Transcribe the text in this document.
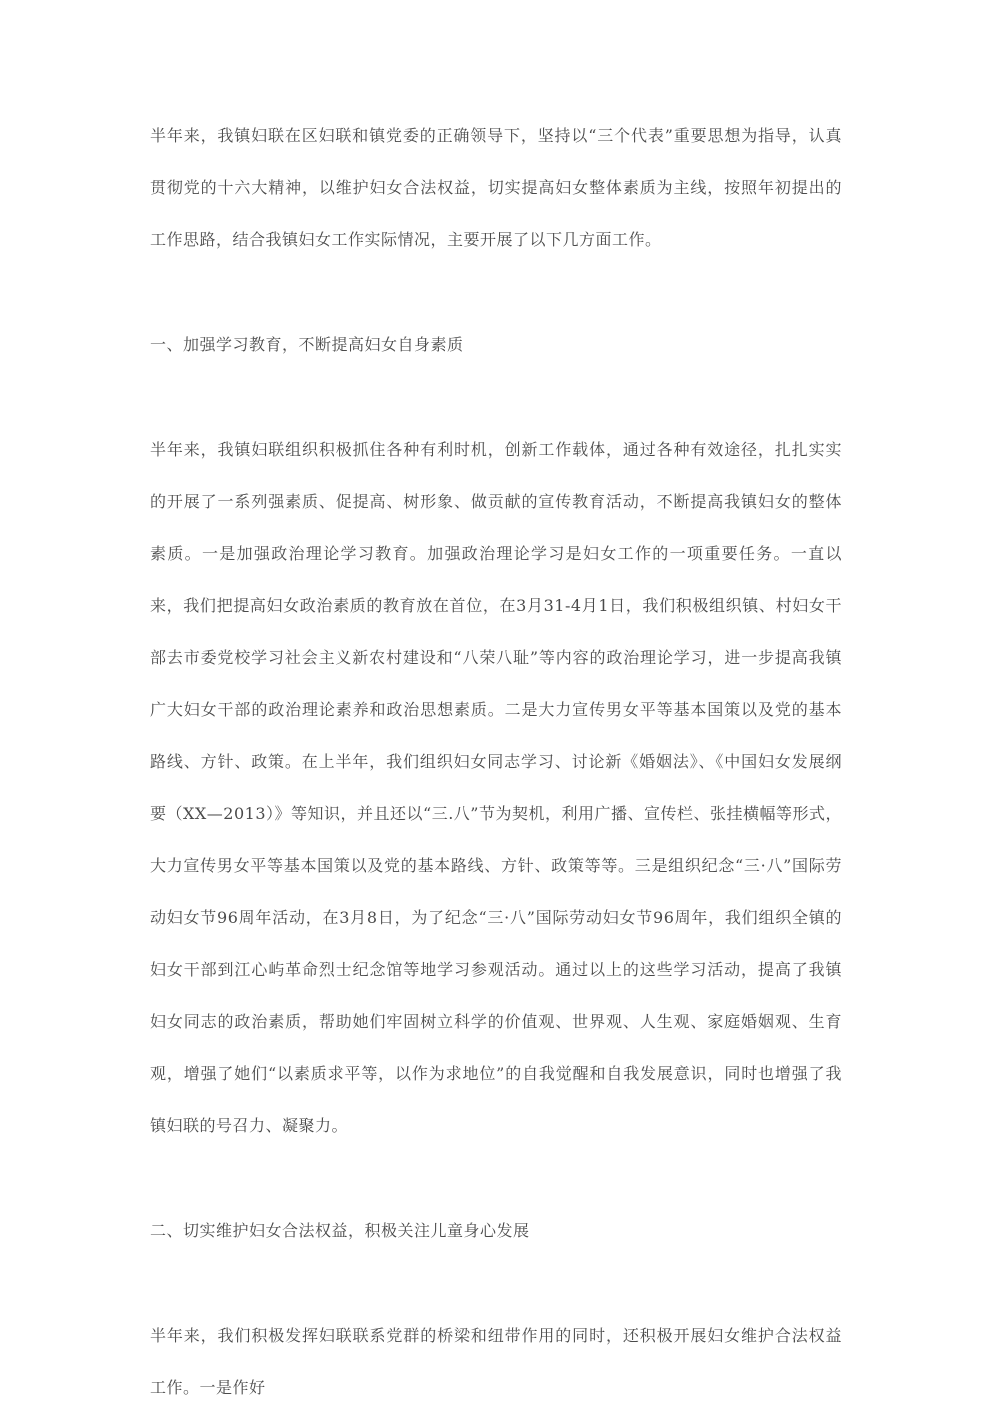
半年来，我镇妇联在区妇联和镇党委的正确领导下，坚持以“三个代表”重要思想为指导，认真贯彻党的十六大精神，以维护妇女合法权益，切实提高妇女整体素质为主线，按照年初提出的工作思路，结合我镇妇女工作实际情况，主要开展了以下几方面工作。

一、加强学习教育，不断提高妇女自身素质

半年来，我镇妇联组织积极抓住各种有利时机，创新工作载体，通过各种有效途径，扎扎实实的开展了一系列强素质、促提高、树形象、做贡献的宣传教育活动，不断提高我镇妇女的整体素质。一是加强政治理论学习教育。加强政治理论学习是妇女工作的一项重要任务。一直以来，我们把提高妇女政治素质的教育放在首位，在3月31-4月1日，我们积极组织镇、村妇女干部去市委党校学习社会主义新农村建设和“八荣八耻”等内容的政治理论学习，进一步提高我镇广大妇女干部的政治理论素养和政治思想素质。二是大力宣传男女平等基本国策以及党的基本路线、方针、政策。在上半年，我们组织妇女同志学习、讨论新《婚姻法》、《中国妇女发展纲要（XX—2013）》等知识，并且还以“三.八”节为契机，利用广播、宣传栏、张挂横幅等形式，大力宣传男女平等基本国策以及党的基本路线、方针、政策等等。三是组织纪念“三·八”国际劳动妇女节96周年活动，在3月8日，为了纪念“三·八”国际劳动妇女节96周年，我们组织全镇的妇女干部到江心屿革命烈士纪念馆等地学习参观活动。通过以上的这些学习活动，提高了我镇妇女同志的政治素质，帮助她们牢固树立科学的价值观、世界观、人生观、家庭婚姻观、生育观，增强了她们“以素质求平等，以作为求地位”的自我觉醒和自我发展意识，同时也增强了我镇妇联的号召力、凝聚力。

二、切实维护妇女合法权益，积极关注儿童身心发展

半年来，我们积极发挥妇联联系党群的桥梁和纽带作用的同时，还积极开展妇女维护合法权益工作。一是作好
